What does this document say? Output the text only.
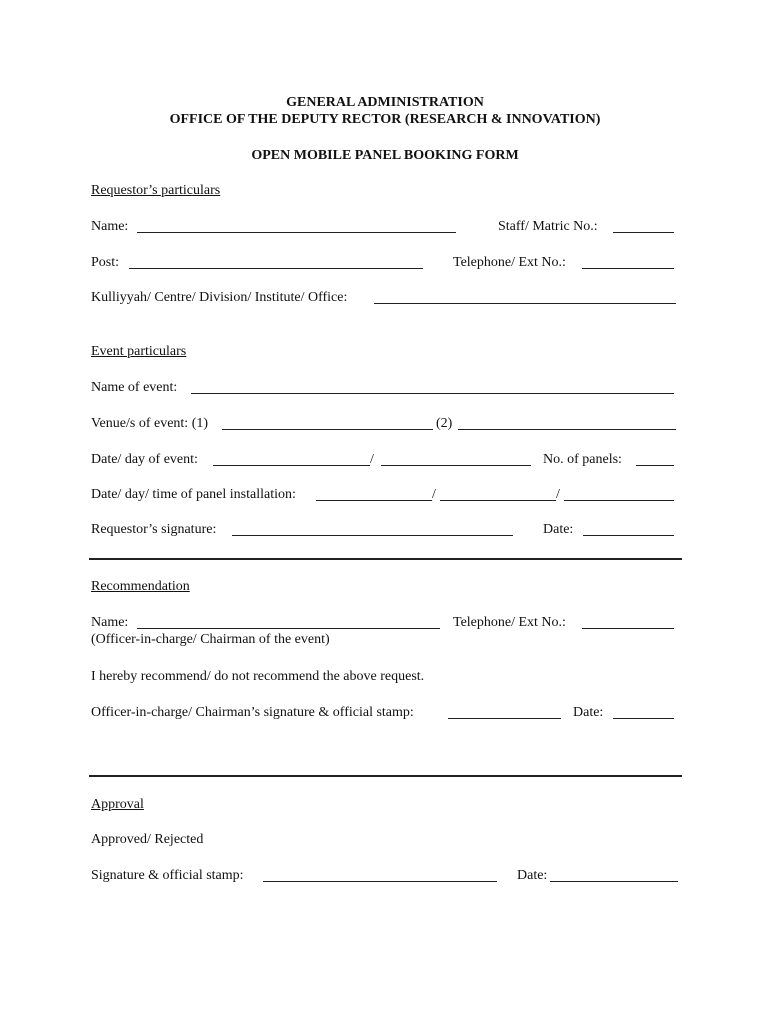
GENERAL ADMINISTRATION
OFFICE OF THE DEPUTY RECTOR (RESEARCH & INNOVATION)
OPEN MOBILE PANEL BOOKING FORM
Requestor’s particulars
Name:	Staff/ Matric No.:
Post:	Telephone/ Ext No.:
Kulliyyah/ Centre/ Division/ Institute/ Office:
Event particulars
Name of event:
Venue/s of event: (1)	(2)
Date/ day of event:	/	No. of panels:
Date/ day/ time of panel installation:	/	/
Requestor’s signature:	Date:
Recommendation
Name:	Telephone/ Ext No.:
(Officer-in-charge/ Chairman of the event)
I hereby recommend/ do not recommend the above request.
Officer-in-charge/ Chairman’s signature & official stamp:	Date:
Approval
Approved/ Rejected
Signature & official stamp:	Date:
